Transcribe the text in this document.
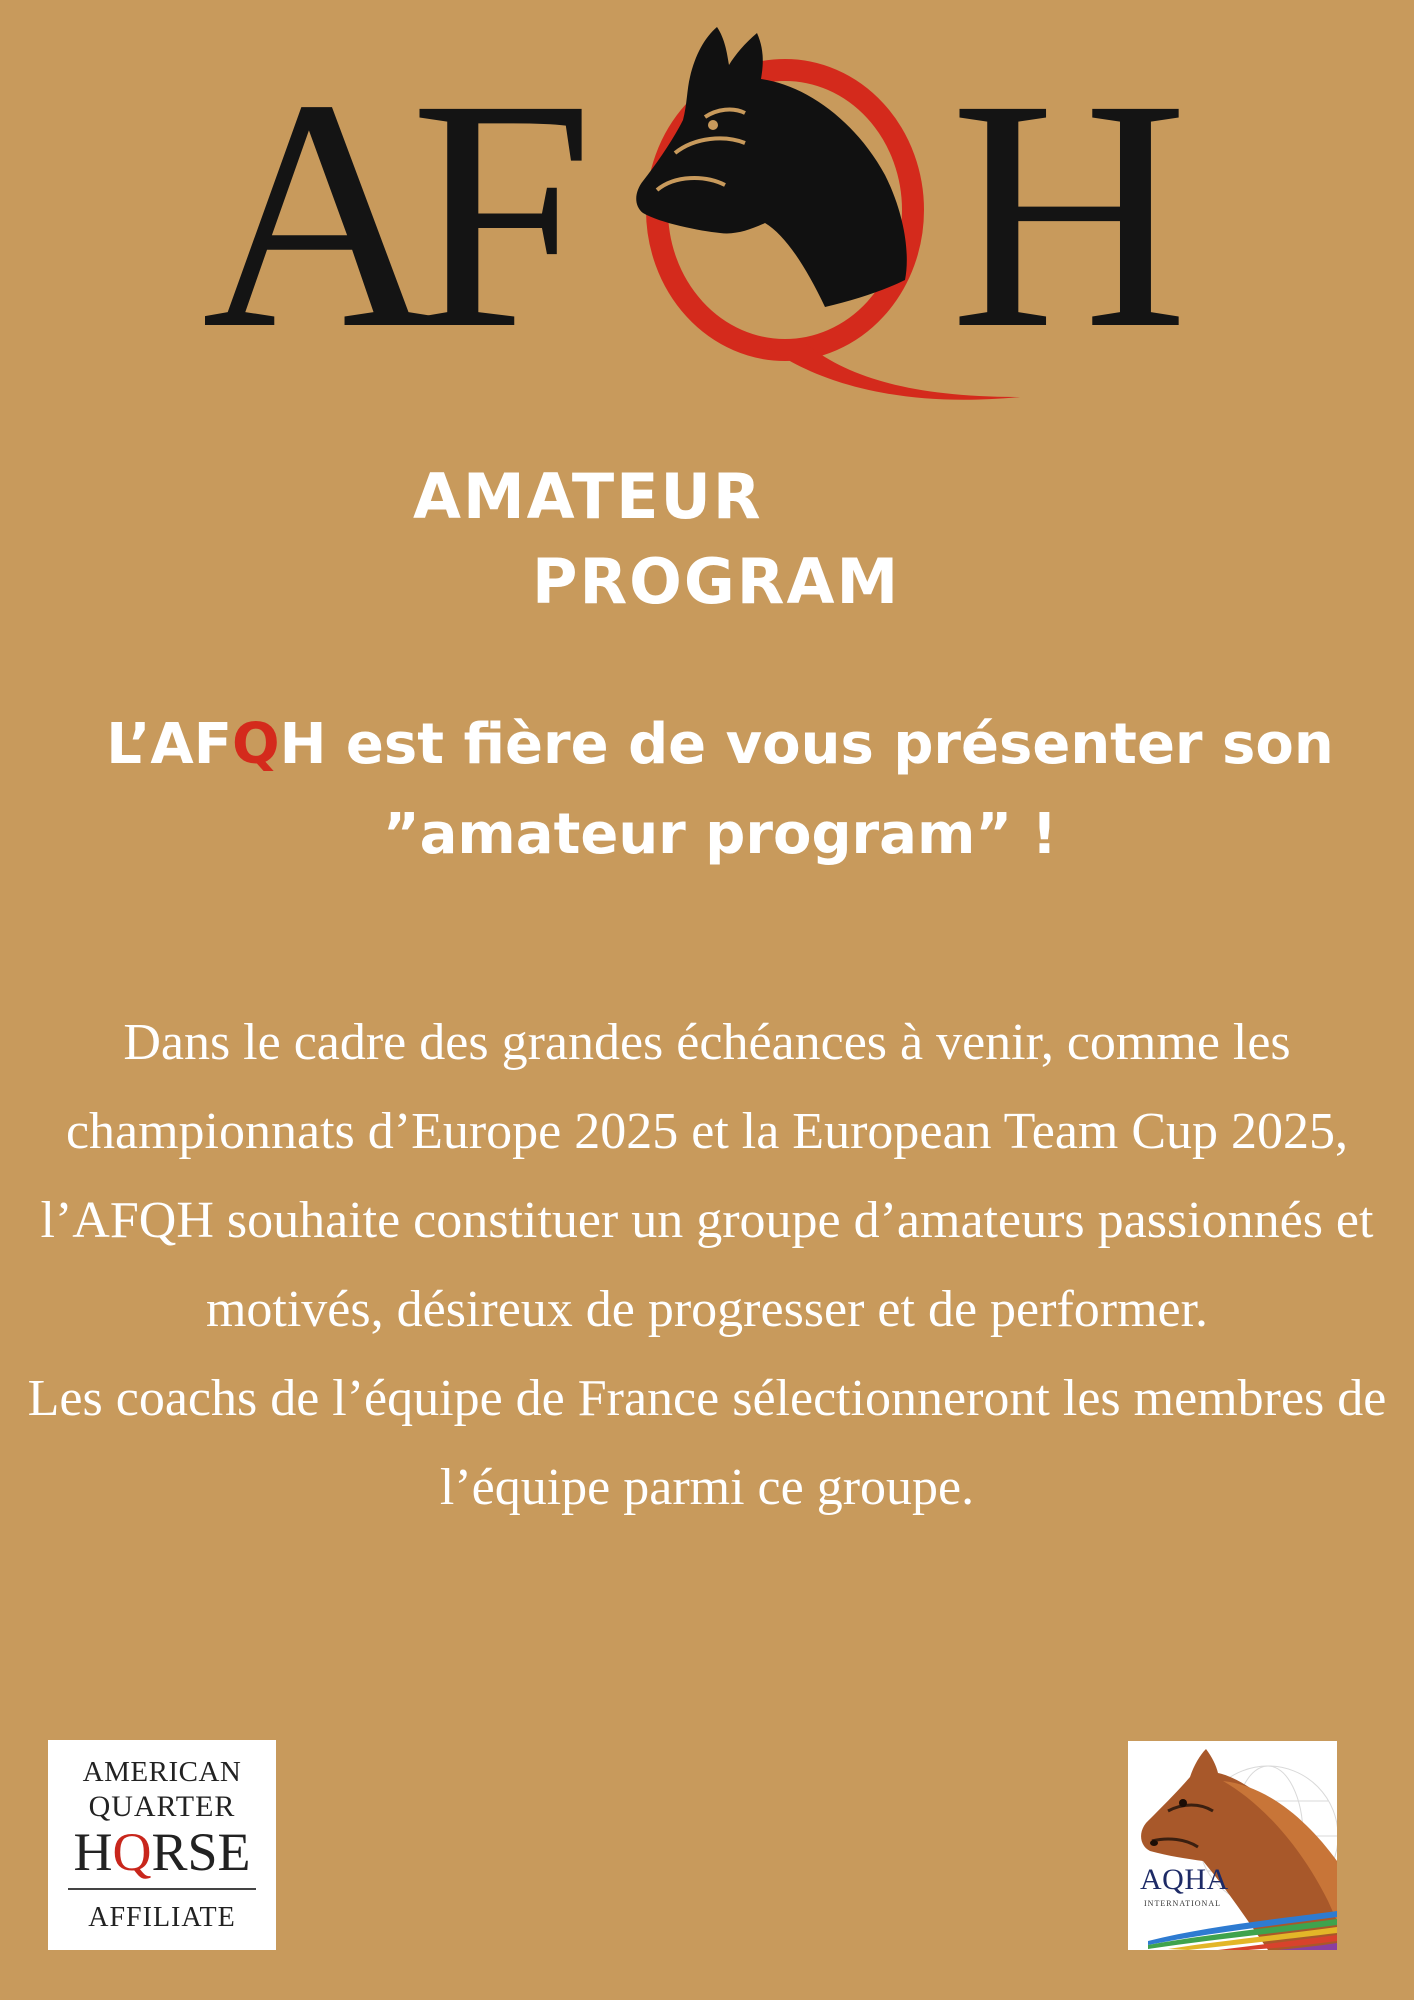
A
F H
AMATEUR
PROGRAM
L’AFQH est fière de vous présenter son
”amateur program” !

Dans le cadre des grandes échéances à venir, comme les championnats d’Europe 2025 et la European Team Cup 2025, l’AFQH souhaite constituer un groupe d’amateurs passionnés et motivés, désireux de progresser et de performer.

Les coachs de l’équipe de France sélectionneront les membres de l’équipe parmi ce groupe.

AMERICAN
QUARTER
HQRSE
AFFILIATE
AQHA
INTERNATIONAL
